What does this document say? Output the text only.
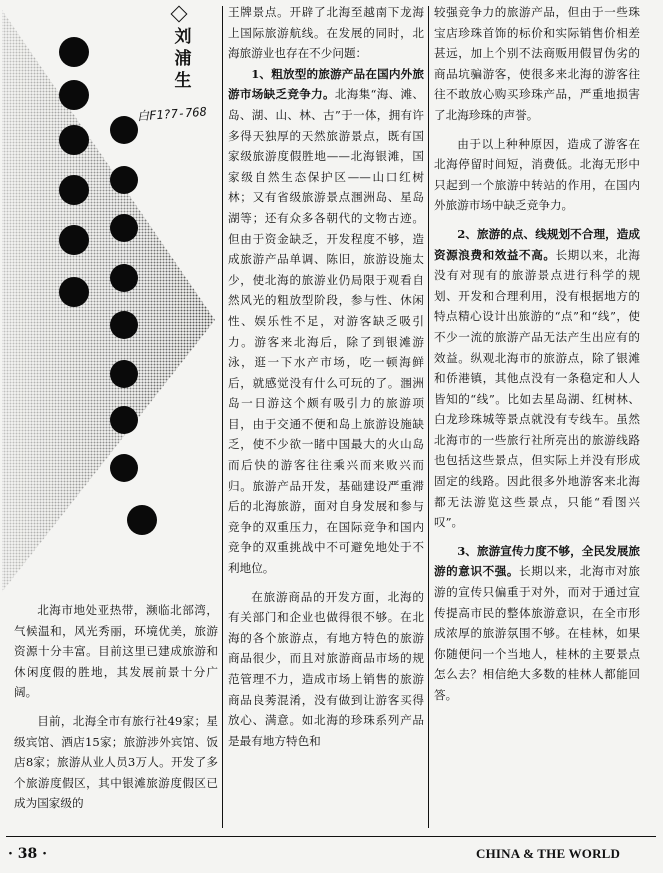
刘
浦
生
白F1?7-768

北海市地处亚热带，濒临北部湾，气候温和，风光秀丽，环境优美，旅游资源十分丰富。目前这里已建成旅游和休闲度假的胜地，其发展前景十分广阔。

目前，北海全市有旅行社49家；星级宾馆、酒店15家；旅游涉外宾馆、饭店8家；旅游从业人员3万人。开发了多个旅游度假区，其中银滩旅游度假区已成为国家级的

王牌景点。开辟了北海至越南下龙海上国际旅游航线。在发展的同时，北海旅游业也存在不少问题：

1、粗放型的旅游产品在国内外旅游市场缺乏竞争力。北海集“海、滩、岛、湖、山、林、古”于一体，拥有许多得天独厚的天然旅游景点，既有国家级旅游度假胜地——北海银滩，国家级自然生态保护区——山口红树林；又有省级旅游景点涠洲岛、星岛湖等；还有众多各朝代的文物古迹。但由于资金缺乏，开发程度不够，造成旅游产品单调、陈旧，旅游设施太少，使北海的旅游业仍局限于观看自然风光的粗放型阶段，参与性、休闲性、娱乐性不足，对游客缺乏吸引力。游客来北海后，除了到银滩游泳，逛一下水产市场，吃一顿海鲜后，就感觉没有什么可玩的了。涠洲岛一日游这个颇有吸引力的旅游项目，由于交通不便和岛上旅游设施缺乏，使不少欲一睹中国最大的火山岛而后快的游客往往乘兴而来败兴而归。旅游产品开发，基础建设严重滞后的北海旅游，面对自身发展和参与竞争的双重压力，在国际竞争和国内竞争的双重挑战中不可避免地处于不利地位。

在旅游商品的开发方面，北海的有关部门和企业也做得很不够。在北海的各个旅游点，有地方特色的旅游商品很少，而且对旅游商品市场的规范管理不力，造成市场上销售的旅游商品良莠混淆，没有做到让游客买得放心、满意。如北海的珍珠系列产品是最有地方特色和

较强竞争力的旅游产品，但由于一些珠宝店珍珠首饰的标价和实际销售价相差甚远，加上个别不法商贩用假冒伪劣的商品坑骗游客，使很多来北海的游客往往不敢放心购买珍珠产品，严重地损害了北海珍珠的声誉。

由于以上种种原因，造成了游客在北海停留时间短，消费低。北海无形中只起到一个旅游中转站的作用，在国内外旅游市场中缺乏竞争力。

2、旅游的点、线规划不合理，造成资源浪费和效益不高。长期以来，北海没有对现有的旅游景点进行科学的规划、开发和合理利用，没有根据地方的特点精心设计出旅游的“点”和“线”，使不少一流的旅游产品无法产生出应有的效益。纵观北海市的旅游点，除了银滩和侨港镇，其他点没有一条稳定和人人皆知的“线”。比如去星岛湖、红树林、白龙珍珠城等景点就没有专线车。虽然北海市的一些旅行社所亮出的旅游线路也包括这些景点，但实际上并没有形成固定的线路。因此很多外地游客来北海都无法游览这些景点，只能“看图兴叹”。

3、旅游宣传力度不够，全民发展旅游的意识不强。长期以来，北海市对旅游的宣传只偏重于对外，而对于通过宣传提高市民的整体旅游意识，在全市形成浓厚的旅游氛围不够。在桂林，如果你随便问一个当地人，桂林的主要景点怎么去？相信绝大多数的桂林人都能回答。

· 38 ·	CHINA & THE WORLD
